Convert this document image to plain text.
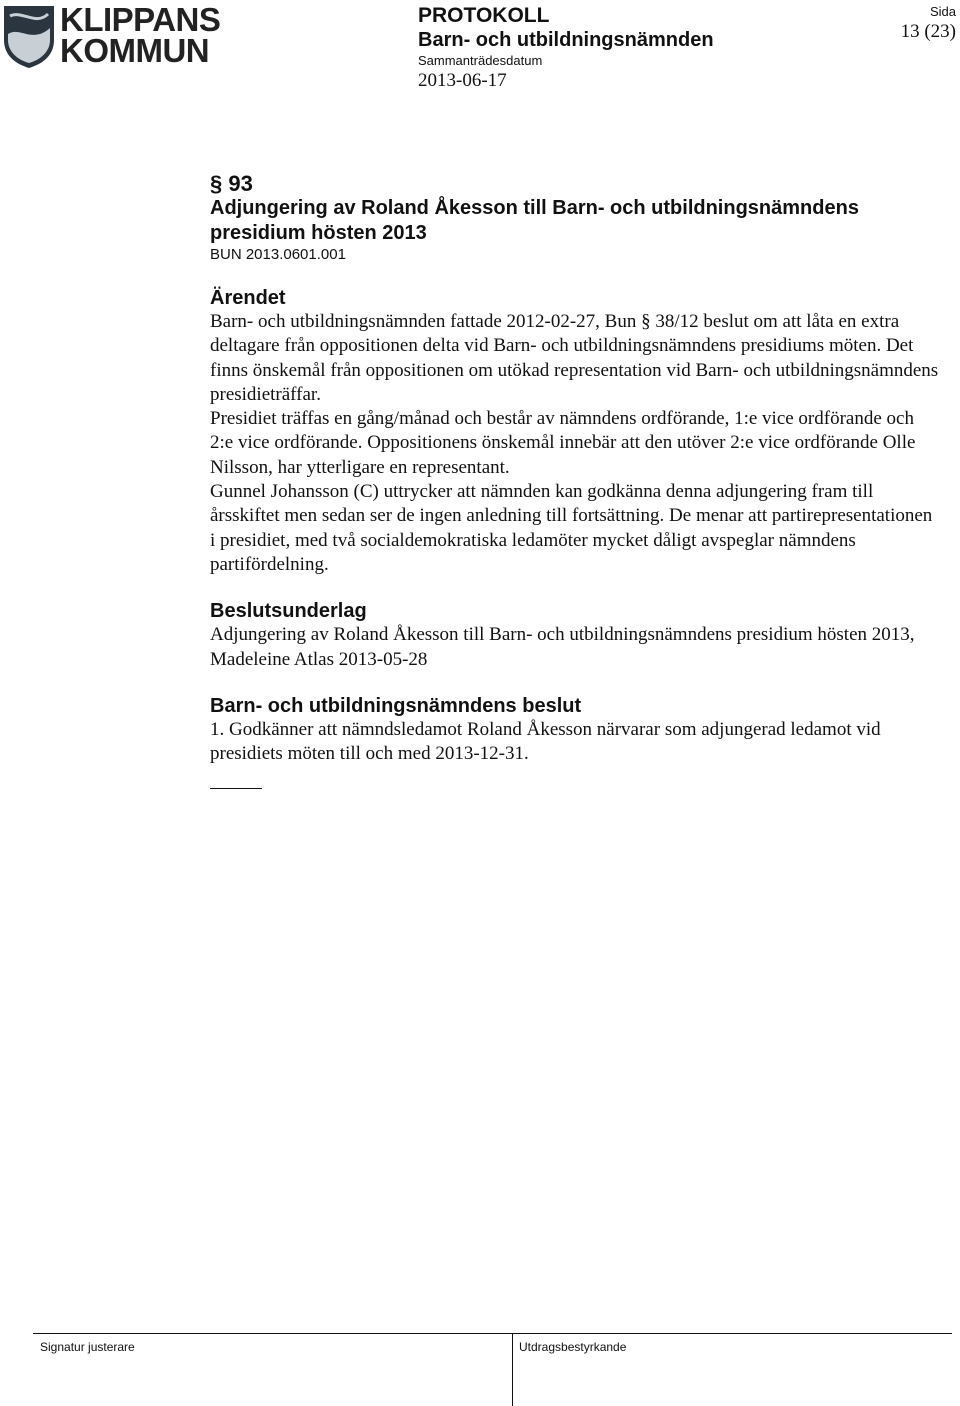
KLIPPANS
KOMMUN
PROTOKOLL
Barn- och utbildningsnämnden
Sammanträdesdatum
2013-06-17
Sida
13 (23)
§ 93
Adjungering av Roland Åkesson till Barn- och utbildningsnämndens
presidium hösten 2013
BUN 2013.0601.001
Ärendet

Barn- och utbildningsnämnden fattade 2012-02-27, Bun § 38/12 beslut om att låta en extra deltagare från oppositionen delta vid Barn- och utbildningsnämndens presidiums möten. Det finns önskemål från oppositionen om utökad representation vid Barn- och utbildningsnämndens presidieträffar.

Presidiet träffas en gång/månad och består av nämndens ordförande, 1:e vice ordförande och 2:e vice ordförande. Oppositionens önskemål innebär att den utöver 2:e vice ordförande Olle Nilsson, har ytterligare en representant.

Gunnel Johansson (C) uttrycker att nämnden kan godkänna denna adjungering fram till årsskiftet men sedan ser de ingen anledning till fortsättning. De menar att partirepresentationen i presidiet, med två socialdemokratiska ledamöter mycket dåligt avspeglar nämndens partifördelning.

Beslutsunderlag

Adjungering av Roland Åkesson till Barn- och utbildningsnämndens presidium hösten 2013, Madeleine Atlas 2013-05-28

Barn- och utbildningsnämndens beslut

1. Godkänner att nämndsledamot Roland Åkesson närvarar som adjungerad ledamot vid presidiets möten till och med 2013-12-31.

Signatur justerare	Utdragsbestyrkande
